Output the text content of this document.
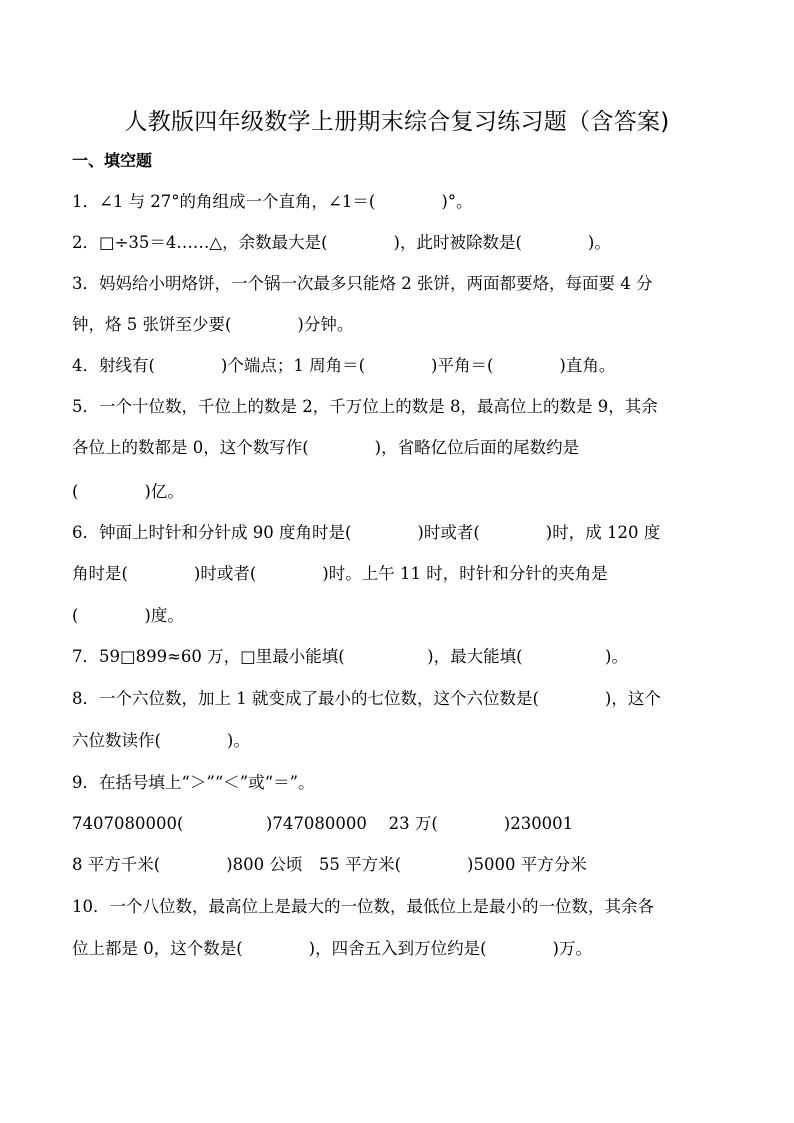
人教版四年级数学上册期末综合复习练习题（含答案)
一、填空题
1．∠1 与 27°的角组成一个直角，∠1＝(　　　　)°。
2．□÷35＝4……△，余数最大是(　　　　)，此时被除数是(　　　　)。
3．妈妈给小明烙饼，一个锅一次最多只能烙 2 张饼，两面都要烙，每面要 4 分
钟，烙 5 张饼至少要(　　　　)分钟。
4．射线有(　　　　)个端点；1 周角＝(　　　　)平角＝(　　　　)直角。
5．一个十位数，千位上的数是 2，千万位上的数是 8，最高位上的数是 9，其余
各位上的数都是 0，这个数写作(　　　　)，省略亿位后面的尾数约是
(　　　　)亿。
6．钟面上时针和分针成 90 度角时是(　　　　)时或者(　　　　)时，成 120 度
角时是(　　　　)时或者(　　　　)时。上午 11 时，时针和分针的夹角是
(　　　　)度。
7．59□899≈60 万，□里最小能填(　　　　　)，最大能填(　　　　　)。
8．一个六位数，加上 1 就变成了最小的七位数，这个六位数是(　　　　)，这个
六位数读作(　　　　)。
9．在括号填上“＞”“＜”或“＝”。
7407080000(　　　　　)747080000　 23 万(　　　　)230001
8 平方千米(　　　　)800 公顷　55 平方米(　　　　)5000 平方分米
10．一个八位数，最高位上是最大的一位数，最低位上是最小的一位数，其余各
位上都是 0，这个数是(　　　　)，四舍五入到万位约是(　　　　)万。
